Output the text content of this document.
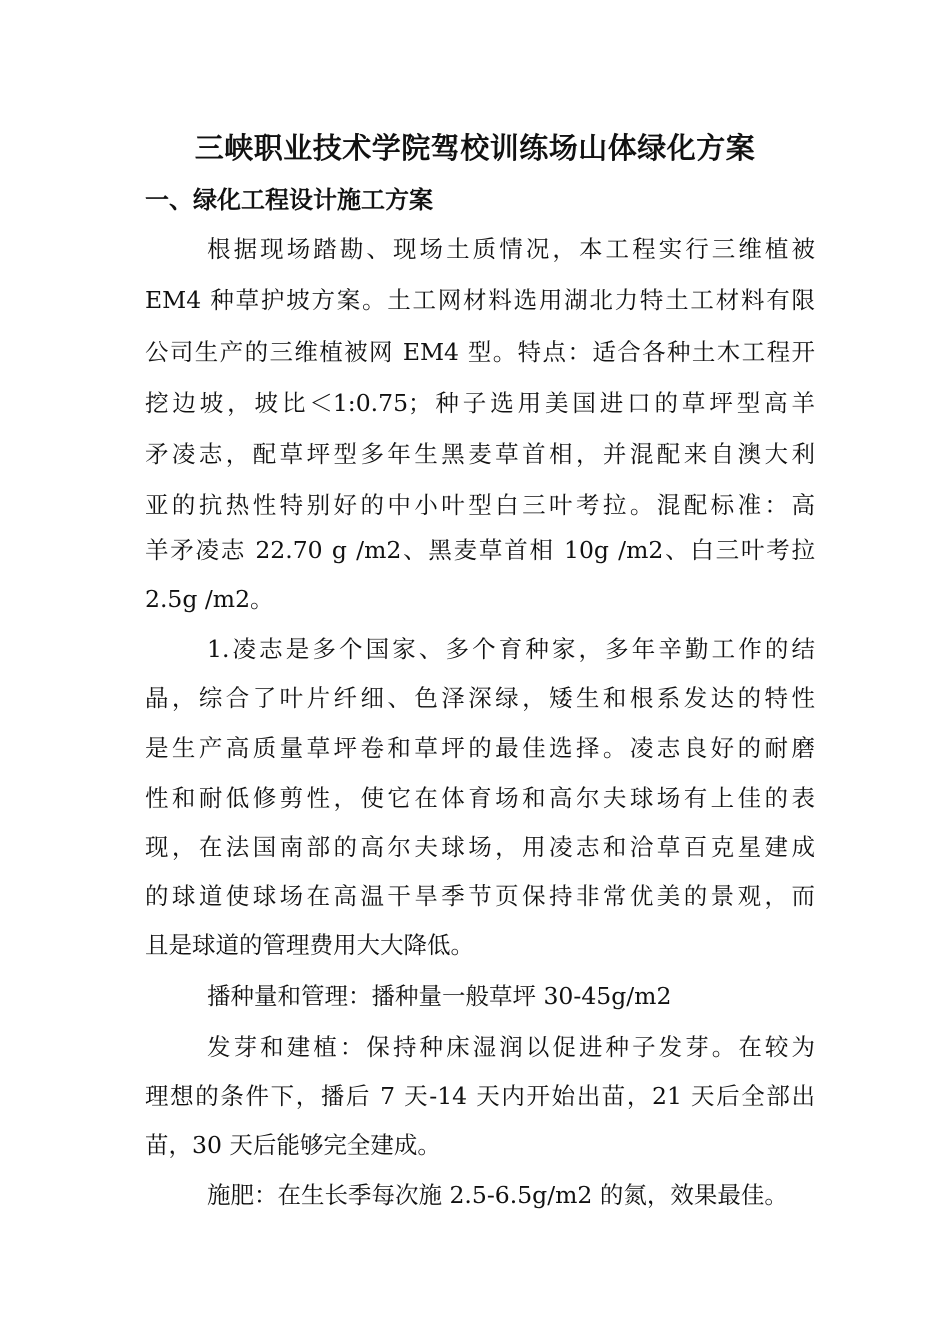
三峡职业技术学院驾校训练场山体绿化方案
一、绿化工程设计施工方案
根据现场踏勘、现场土质情况，本工程实行三维植被
EM4 种草护坡方案。土工网材料选用湖北力特土工材料有限
公司生产的三维植被网 EM4 型。特点：适合各种土木工程开
挖边坡，坡比＜1:0.75；种子选用美国进口的草坪型高羊
矛凌志，配草坪型多年生黑麦草首相，并混配来自澳大利
亚的抗热性特别好的中小叶型白三叶考拉。混配标准：高
羊矛凌志 22.70 g /m2、黑麦草首相 10g /m2、白三叶考拉
2.5g /m2。
1.凌志是多个国家、多个育种家，多年辛勤工作的结
晶，综合了叶片纤细、色泽深绿，矮生和根系发达的特性
是生产高质量草坪卷和草坪的最佳选择。凌志良好的耐磨
性和耐低修剪性，使它在体育场和高尔夫球场有上佳的表
现，在法国南部的高尔夫球场，用凌志和洽草百克星建成
的球道使球场在高温干旱季节页保持非常优美的景观，而
且是球道的管理费用大大降低。
播种量和管理：播种量一般草坪 30-45g/m2
发芽和建植：保持种床湿润以促进种子发芽。在较为
理想的条件下，播后 7 天-14 天内开始出苗，21 天后全部出
苗，30 天后能够完全建成。
施肥：在生长季每次施 2.5-6.5g/m2 的氮，效果最佳。
